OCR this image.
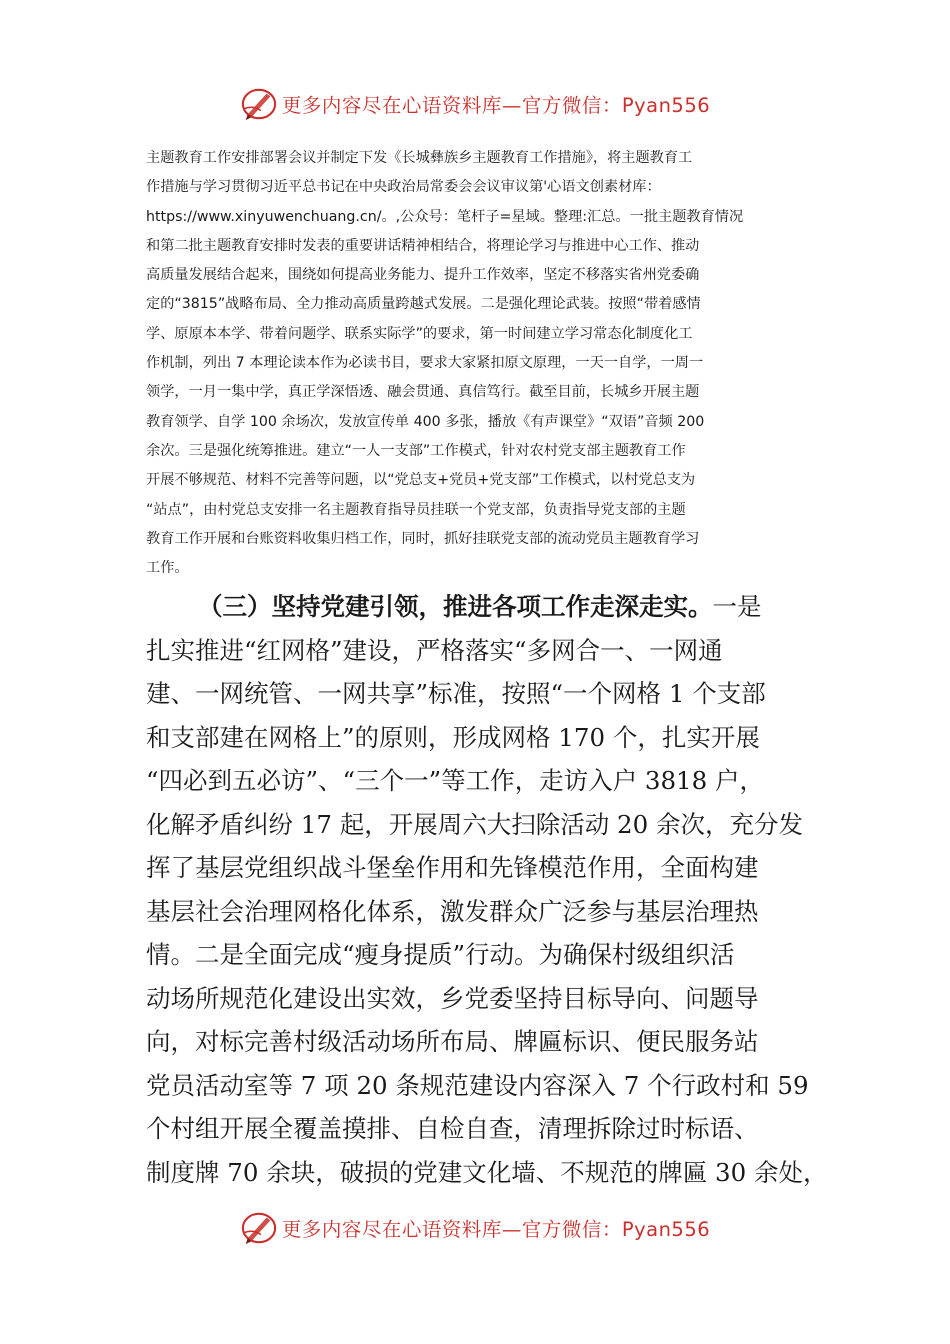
更多内容尽在心语资料库—官方微信：Pyan556
主题教育工作安排部署会议并制定下发《长城彝族乡主题教育工作措施》，将主题教育工
作措施与学习贯彻习近平总书记在中央政治局常委会会议审议第'心语文创素材库：
https://www.xinyuwenchuang.cn/。,公众号：笔杆子=星域。整理:汇总。一批主题教育情况
和第二批主题教育安排时发表的重要讲话精神相结合，将理论学习与推进中心工作、推动
高质量发展结合起来，围绕如何提高业务能力、提升工作效率，坚定不移落实省州党委确
定的“3815”战略布局、全力推动高质量跨越式发展。二是强化理论武装。按照“带着感情
学、原原本本学、带着问题学、联系实际学”的要求，第一时间建立学习常态化制度化工
作机制，列出 7 本理论读本作为必读书目，要求大家紧扣原文原理，一天一自学，一周一
领学，一月一集中学，真正学深悟透、融会贯通、真信笃行。截至目前，长城乡开展主题
教育领学、自学 100 余场次，发放宣传单 400 多张，播放《有声课堂》“双语”音频 200
余次。三是强化统筹推进。建立“一人一支部”工作模式，针对农村党支部主题教育工作
开展不够规范、材料不完善等问题，以“党总支+党员+党支部”工作模式，以村党总支为
“站点”，由村党总支安排一名主题教育指导员挂联一个党支部，负责指导党支部的主题
教育工作开展和台账资料收集归档工作，同时，抓好挂联党支部的流动党员主题教育学习
工作。
（三）坚持党建引领，推进各项工作走深走实。一是
扎实推进“红网格”建设，严格落实“多网合一、一网通
建、一网统管、一网共享”标准，按照“一个网格 1 个支部
和支部建在网格上”的原则，形成网格 170 个，扎实开展
“四必到五必访”、“三个一”等工作，走访入户 3818 户，
化解矛盾纠纷 17 起，开展周六大扫除活动 20 余次，充分发
挥了基层党组织战斗堡垒作用和先锋模范作用，全面构建
基层社会治理网格化体系，激发群众广泛参与基层治理热
情。二是全面完成“瘦身提质”行动。为确保村级组织活
动场所规范化建设出实效，乡党委坚持目标导向、问题导
向，对标完善村级活动场所布局、牌匾标识、便民服务站
党员活动室等 7 项 20 条规范建设内容深入 7 个行政村和 59
个村组开展全覆盖摸排、自检自查，清理拆除过时标语、
制度牌 70 余块，破损的党建文化墙、不规范的牌匾 30 余处，
更多内容尽在心语资料库—官方微信：Pyan556
